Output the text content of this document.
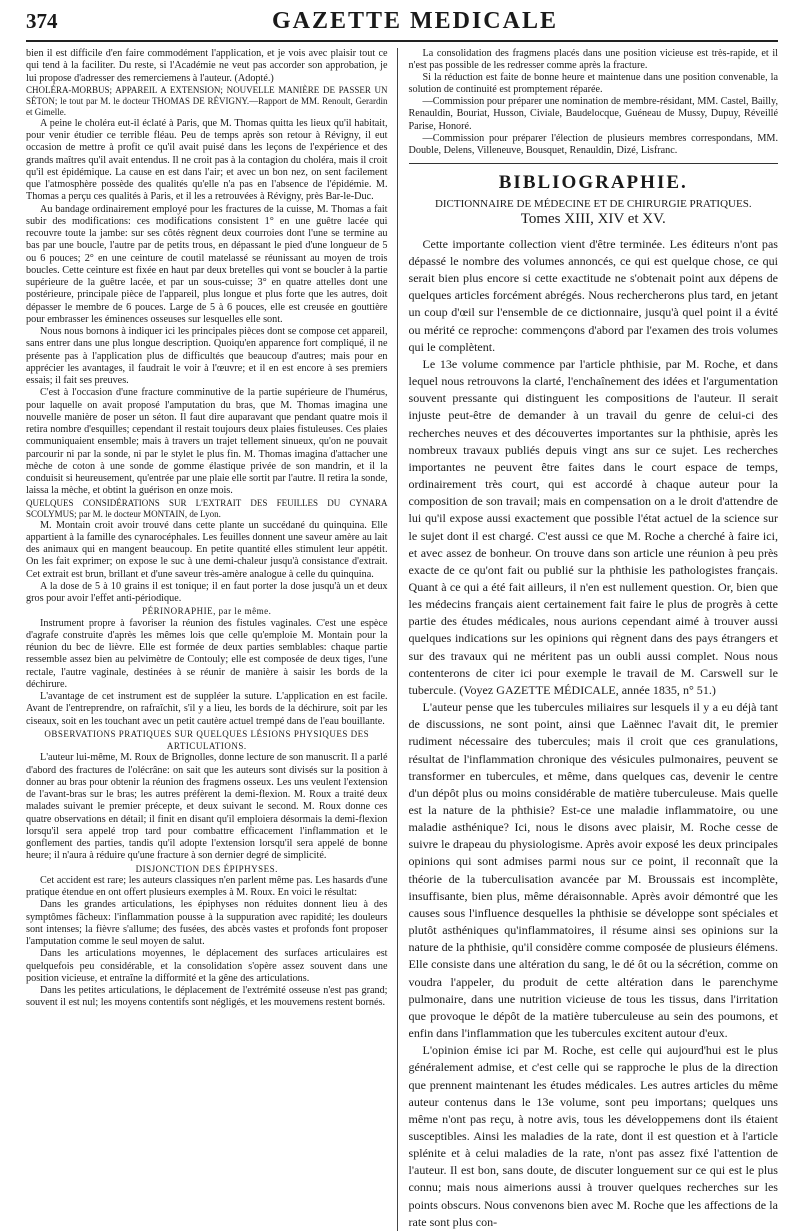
374	GAZETTE MEDICALE

bien il est difficile d'en faire commodément l'application, et je vois avec plaisir tout ce qui tend à la faciliter. Du reste, si l'Académie ne veut pas accorder son approbation, je lui propose d'adresser des remerciemens à l'auteur. (Adopté.)

CHOLÉRA-MORBUS; APPAREIL A EXTENSION; NOUVELLE MANIÈRE DE PASSER UN SÉTON; le tout par M. le docteur THOMAS DE RÉVIGNY.—Rapport de MM. Renoult, Gerardin et Gimelle.

A peine le choléra eut-il éclaté à Paris, que M. Thomas quitta les lieux qu'il habitait, pour venir étudier ce terrible fléau. Peu de temps après son retour à Révigny, il eut occasion de mettre à profit ce qu'il avait puisé dans les leçons de l'expérience et des grands maîtres qu'il avait entendus. Il ne croit pas à la contagion du choléra, mais il croit qu'il est épidémique. La cause en est dans l'air; et avec un bon nez, on sent facilement que l'atmosphère possède des qualités qu'elle n'a pas en l'absence de l'épidémie. M. Thomas a perçu ces qualités à Paris, et il les a retrouvées à Révigny, près Bar-le-Duc.

Au bandage ordinairement employé pour les fractures de la cuisse, M. Thomas a fait subir des modifications: ces modifications consistent 1° en une guêtre lacée qui recouvre toute la jambe: sur ses côtés règnent deux courroies dont l'une se termine au bas par une boucle, l'autre par de petits trous, en dépassant le pied d'une longueur de 5 ou 6 pouces; 2° en une ceinture de coutil matelassé se réunissant au moyen de trois boucles. Cette ceinture est fixée en haut par deux bretelles qui vont se boucler à la partie supérieure de la guêtre lacée, et par un sous-cuisse; 3° en quatre attelles dont une postérieure, principale pièce de l'appareil, plus longue et plus forte que les autres, doit dépasser le membre de 6 pouces. Large de 5 à 6 pouces, elle est creusée en gouttière pour embrasser les éminences osseuses sur lesquelles elle sont.

Nous nous bornons à indiquer ici les principales pièces dont se compose cet appareil, sans entrer dans une plus longue description. Quoiqu'en apparence fort compliqué, il ne présente pas à l'application plus de difficultés que beaucoup d'autres; mais pour en apprécier les avantages, il faudrait le voir à l'œuvre; et il en est encore à ses premiers essais; il fait ses preuves.

C'est à l'occasion d'une fracture comminutive de la partie supérieure de l'humérus, pour laquelle on avait proposé l'amputation du bras, que M. Thomas imagina une nouvelle manière de poser un séton. Il faut dire auparavant que pendant quatre mois il retira nombre d'esquilles; cependant il restait toujours deux plaies fistuleuses. Ces plaies communiquaient ensemble; mais à travers un trajet tellement sinueux, qu'on ne pouvait parcourir ni par la sonde, ni par le stylet le plus fin. M. Thomas imagina d'attacher une mèche de coton à une sonde de gomme élastique privée de son mandrin, et il la conduisit si heureusement, qu'entrée par une plaie elle sortit par l'autre. Il retira la sonde, laissa la mèche, et obtint la guérison en onze mois.

QUELQUES CONSIDÉRATIONS SUR L'EXTRAIT DES FEUILLES DU CYNARA SCOLYMUS; par M. le docteur MONTAIN, de Lyon.

M. Montain croit avoir trouvé dans cette plante un succédané du quinquina. Elle appartient à la famille des cynarocéphales. Les feuilles donnent une saveur amère au lait des animaux qui en mangent beaucoup. En petite quantité elles stimulent leur appétit. On les fait exprimer; on expose le suc à une demi-chaleur jusqu'à consistance d'extrait. Cet extrait est brun, brillant et d'une saveur très-amère analogue à celle du quinquina.

A la dose de 5 à 10 grains il est tonique; il en faut porter la dose jusqu'à un et deux gros pour avoir l'effet anti-périodique.

PÉRINORAPHIE, par le même.

Instrument propre à favoriser la réunion des fistules vaginales. C'est une espèce d'agrafe construite d'après les mêmes lois que celle qu'emploie M. Montain pour la réunion du bec de lièvre. Elle est formée de deux parties semblables: chaque partie ressemble assez bien au pelvimètre de Contouly; elle est composée de deux tiges, l'une rectale, l'autre vaginale, destinées à se réunir de manière à saisir les bords de la déchirure.

L'avantage de cet instrument est de suppléer la suture. L'application en est facile. Avant de l'entreprendre, on rafraîchit, s'il y a lieu, les bords de la déchirure, soit par les ciseaux, soit en les touchant avec un petit cautère actuel trempé dans de l'eau bouillante.

OBSERVATIONS PRATIQUES SUR QUELQUES LÉSIONS PHYSIQUES DES ARTICULATIONS.

L'auteur lui-même, M. Roux de Brignolles, donne lecture de son manuscrit. Il a parlé d'abord des fractures de l'olécrâne: on sait que les auteurs sont divisés sur la position à donner au bras pour obtenir la réunion des fragmens osseux. Les uns veulent l'extension de l'avant-bras sur le bras; les autres préfèrent la demi-flexion. M. Roux a traité deux malades suivant le premier précepte, et deux suivant le second. M. Roux donne ces quatre observations en détail; il finit en disant qu'il emploiera désormais la demi-flexion lorsqu'il sera appelé trop tard pour combattre efficacement l'inflammation et le gonflement des parties, tandis qu'il adopte l'extension lorsqu'il sera appelé de bonne heure; il n'aura à réduire qu'une fracture à son dernier degré de simplicité.

DISJONCTION DES ÉPIPHYSES.

Cet accident est rare; les auteurs classiques n'en parlent même pas. Les hasards d'une pratique étendue en ont offert plusieurs exemples à M. Roux. En voici le résultat:

Dans les grandes articulations, les épiphyses non réduites donnent lieu à des symptômes fâcheux: l'inflammation pousse à la suppuration avec rapidité; les douleurs sont intenses; la fièvre s'allume; des fusées, des abcès vastes et profonds font proposer l'amputation comme le seul moyen de salut.

Dans les articulations moyennes, le déplacement des surfaces articulaires est quelquefois peu considérable, et la consolidation s'opère assez souvent dans une position vicieuse, et entraîne la difformité et la gêne des articulations.

Dans les petites articulations, le déplacement de l'extrémité osseuse n'est pas grand; souvent il est nul; les moyens contentifs sont négligés, et les mouvemens restent bornés.

La consolidation des fragmens placés dans une position vicieuse est très-rapide, et il n'est pas possible de les redresser comme après la fracture.

Si la réduction est faite de bonne heure et maintenue dans une position convenable, la solution de continuité est promptement réparée.

—Commission pour préparer une nomination de membre-résidant, MM. Castel, Bailly, Renauldin, Bouriat, Husson, Civiale, Baudelocque, Guéneau de Mussy, Dupuy, Réveillé Parise, Honoré.

—Commission pour préparer l'élection de plusieurs membres correspondans, MM. Double, Delens, Villeneuve, Bousquet, Renauldin, Dizé, Lisfranc.

BIBLIOGRAPHIE.
DICTIONNAIRE DE MÉDECINE ET DE CHIRURGIE PRATIQUES.
Tomes XIII, XIV et XV.

Cette importante collection vient d'être terminée. Les éditeurs n'ont pas dépassé le nombre des volumes annoncés, ce qui est quelque chose, ce qui serait bien plus encore si cette exactitude ne s'obtenait point aux dépens de quelques articles forcément abrégés. Nous rechercherons plus tard, en jetant un coup d'œil sur l'ensemble de ce dictionnaire, jusqu'à quel point il a évité ou mérité ce reproche: commençons d'abord par l'examen des trois volumes qui le complètent.

Le 13e volume commence par l'article phthisie, par M. Roche, et dans lequel nous retrouvons la clarté, l'enchaînement des idées et l'argumentation souvent pressante qui distinguent les compositions de l'auteur. Il serait injuste peut-être de demander à un travail du genre de celui-ci des recherches neuves et des découvertes importantes sur la phthisie, après les nombreux travaux publiés depuis vingt ans sur ce sujet. Les recherches importantes ne peuvent être faites dans le court espace de temps, ordinairement très court, qui est accordé à chaque auteur pour la composition de son travail; mais en compensation on a le droit d'attendre de lui qu'il expose aussi exactement que possible l'état actuel de la science sur le sujet dont il est chargé. C'est aussi ce que M. Roche a cherché à faire ici, et avec assez de bonheur. On trouve dans son article une réunion à peu près exacte de ce qu'ont fait ou publié sur la phthisie les pathologistes français. Quant à ce qui a été fait ailleurs, il n'en est nullement question. Or, bien que les médecins français aient certainement fait faire le plus de progrès à cette partie des études médicales, nous aurions cependant aimé à trouver aussi quelques indications sur les opinions qui règnent dans des pays étrangers et sur des travaux qui ne méritent pas un oubli aussi complet. Nous nous contenterons de citer ici pour exemple le travail de M. Carswell sur le tubercule. (Voyez GAZETTE MÉDICALE, année 1835, n° 51.)

L'auteur pense que les tubercules miliaires sur lesquels il y a eu déjà tant de discussions, ne sont point, ainsi que Laënnec l'avait dit, le premier rudiment nécessaire des tubercules; mais il croit que ces granulations, résultat de l'inflammation chronique des vésicules pulmonaires, peuvent se transformer en tubercules, et même, dans quelques cas, devenir le centre d'un dépôt plus ou moins considérable de matière tuberculeuse. Mais quelle est la nature de la phthisie? Est-ce une maladie inflammatoire, ou une maladie asthénique? Ici, nous le disons avec plaisir, M. Roche cesse de suivre le drapeau du physiologisme. Après avoir exposé les deux principales opinions qui sont admises parmi nous sur ce point, il reconnaît que la théorie de la tuberculisation avancée par M. Broussais est incomplète, insuffisante, bien plus, même déraisonnable. Après avoir démontré que les causes sous l'influence desquelles la phthisie se développe sont spéciales et plutôt asthéniques qu'inflammatoires, il résume ainsi ses opinions sur la nature de la phthisie, qu'il considère comme composée de plusieurs élémens. Elle consiste dans une altération du sang, le dé ôt ou la sécrétion, comme on voudra l'appeler, du produit de cette altération dans le parenchyme pulmonaire, dans une nutrition vicieuse de tous les tissus, dans l'irritation que provoque le dépôt de la matière tuberculeuse au sein des poumons, et enfin dans l'inflammation que les tubercules excitent autour d'eux.

L'opinion émise ici par M. Roche, est celle qui aujourd'hui est le plus généralement admise, et c'est celle qui se rapproche le plus de la direction que prennent maintenant les études médicales. Les autres articles du même auteur contenus dans le 13e volume, sont peu importans; quelques uns même n'ont pas reçu, à notre avis, tous les développemens dont ils étaient susceptibles. Ainsi les maladies de la rate, dont il est question et à l'article splénite et à celui maladies de la rate, n'ont pas assez fixé l'attention de l'auteur. Il est bon, sans doute, de discuter longuement sur ce qui est le plus connu; mais nous aimerions aussi à trouver quelques recherches sur les points obscurs. Nous convenons bien avec M. Roche que les affections de la rate sont plus con-
